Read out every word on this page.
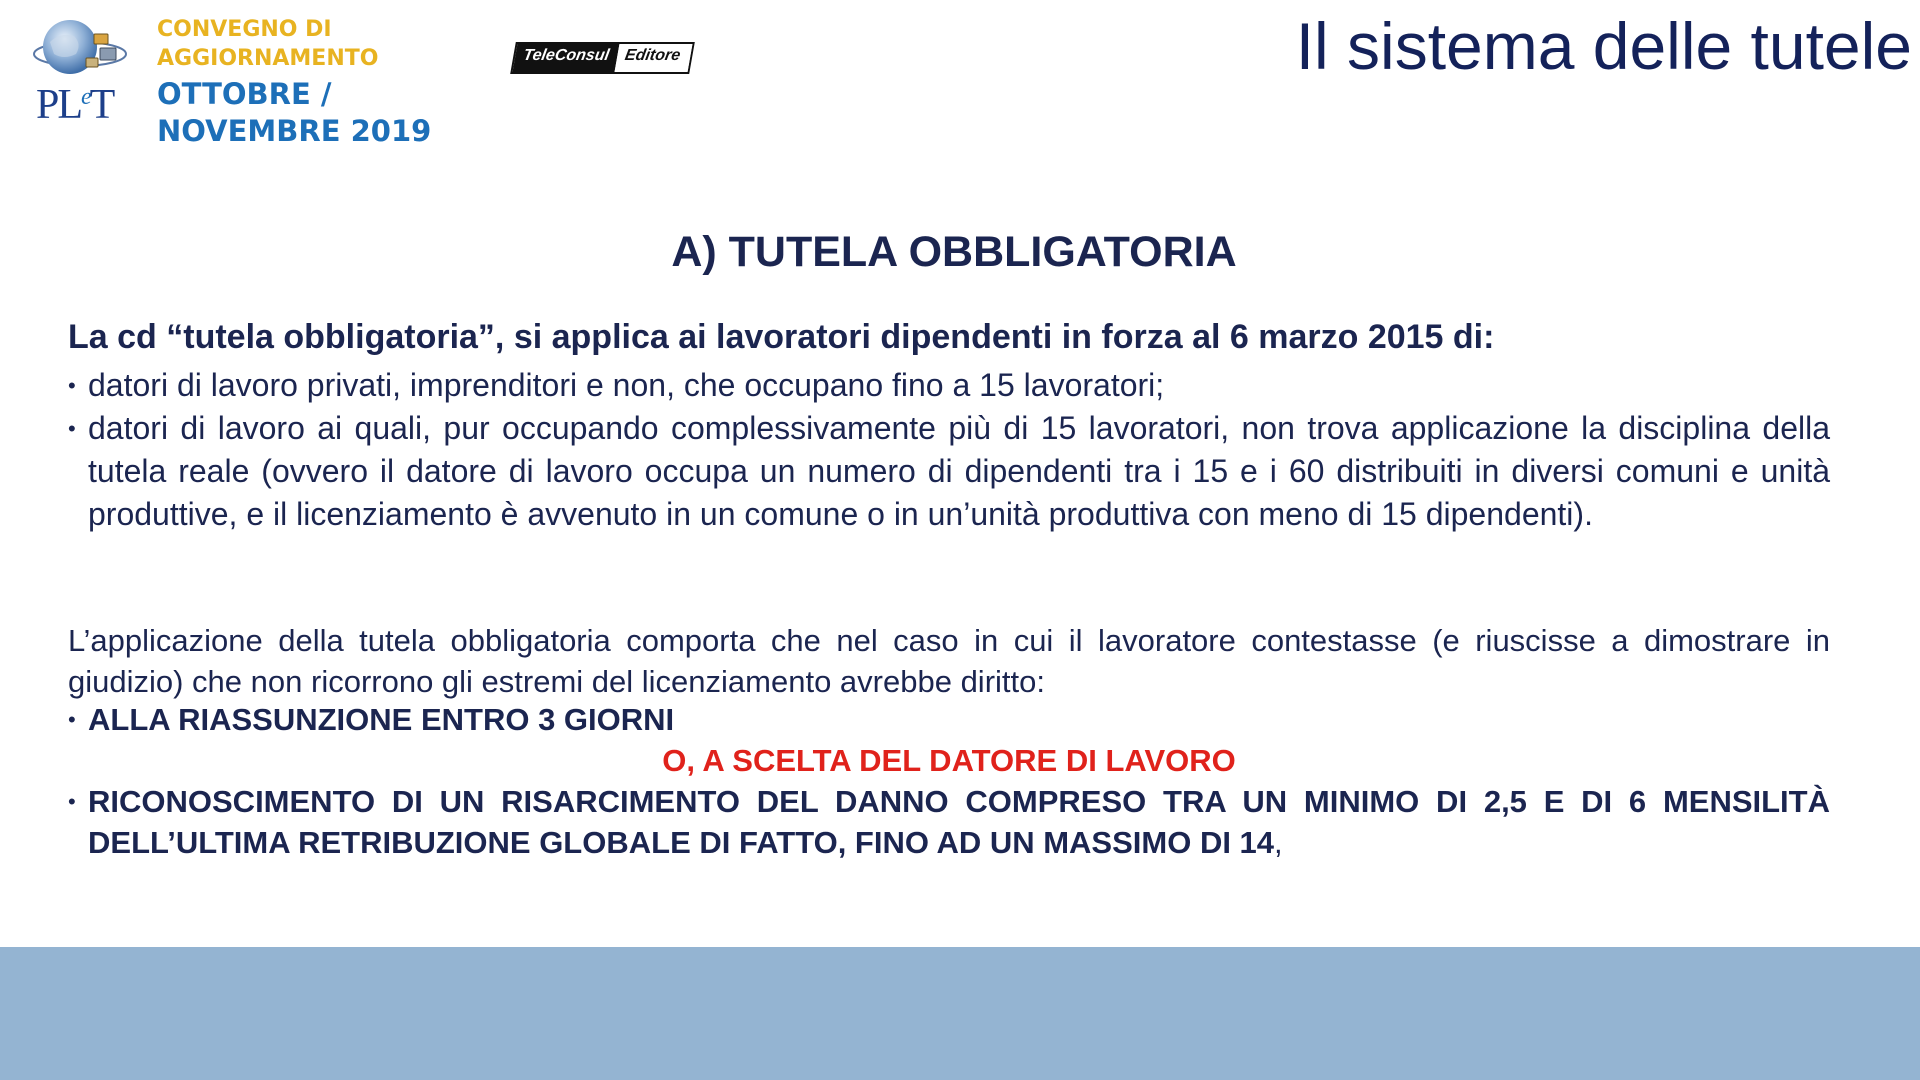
$PL^eT$
CONVEGNO DI
AGGIORNAMENTO
OTTOBRE /
NOVEMBRE 2019
TeleConsul Editore	Il sistema delle tutele
A) TUTELA OBBLIGATORIA
La cd “tutela obbligatoria”, si applica ai lavoratori dipendenti in forza al 6 marzo 2015 di:
• datori di lavoro privati, imprenditori e non, che occupano fino a 15 lavoratori;
• datori di lavoro ai quali, pur occupando complessivamente più di 15 lavoratori, non trova applicazione la disciplina della tutela reale (ovvero il datore di lavoro occupa un numero di dipendenti tra i 15 e i 60 distribuiti in diversi comuni e unità produttive, e il licenziamento è avvenuto in un comune o in un’unità produttiva con meno di 15 dipendenti).
L’applicazione della tutela obbligatoria comporta che nel caso in cui il lavoratore contestasse (e riuscisse a dimostrare in giudizio) che non ricorrono gli estremi del licenziamento avrebbe diritto:
• ALLA RIASSUNZIONE ENTRO 3 GIORNI
O, A SCELTA DEL DATORE DI LAVORO
• RICONOSCIMENTO DI UN RISARCIMENTO DEL DANNO COMPRESO TRA UN MINIMO DI 2,5 E DI 6 MENSILITÀ DELL’ULTIMA RETRIBUZIONE GLOBALE DI FATTO, FINO AD UN MASSIMO DI 14,
